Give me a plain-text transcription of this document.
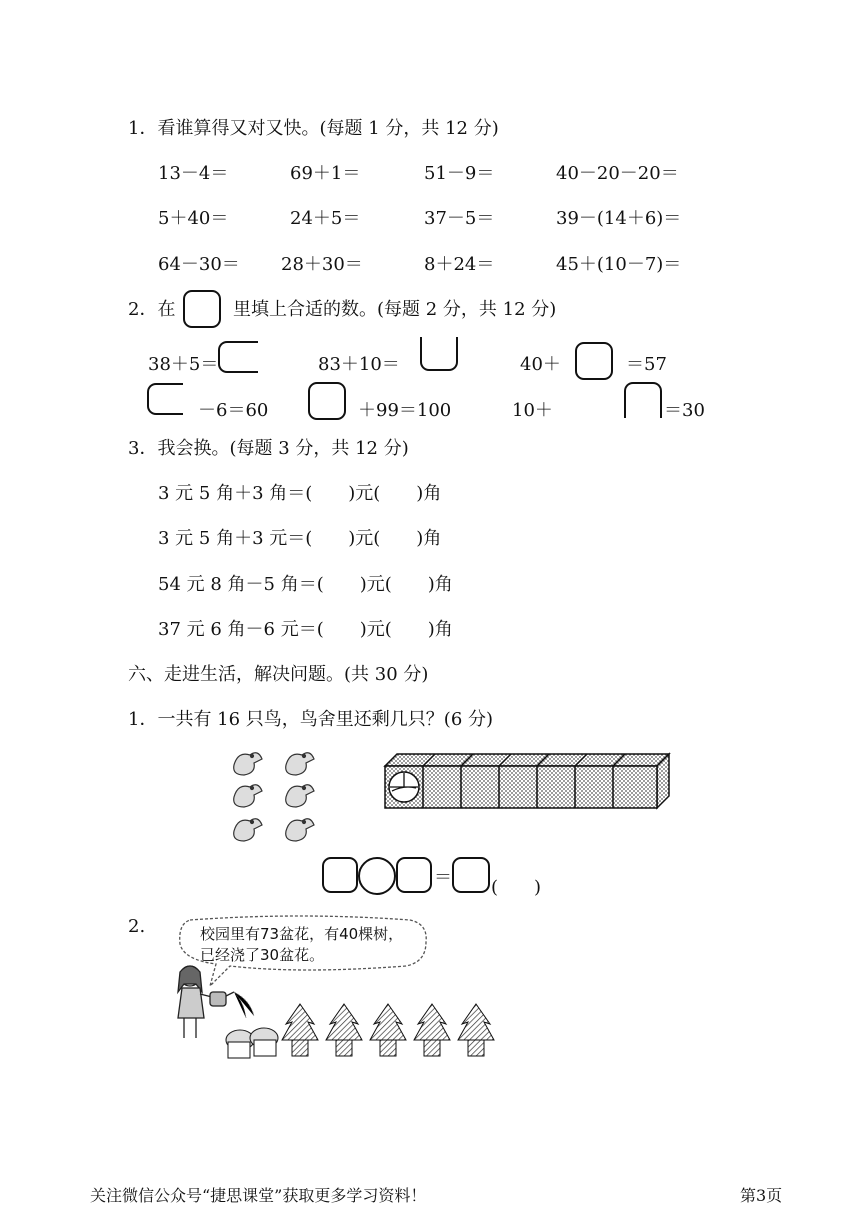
1．看谁算得又对又快。(每题 1 分，共 12 分)
13－4＝	69＋1＝	51－9＝	40－20－20＝
5＋40＝	24＋5＝	37－5＝	39－(14＋6)＝
64－30＝ 28＋30＝	8＋24＝	45＋(10－7)＝
2．在	里填上合适的数。(每题 2 分，共 12 分)
38＋5＝	83＋10＝	40＋	＝57
－6＝60	＋99＝100	10＋	＝30
3．我会换。(每题 3 分，共 12 分)
3 元 5 角＋3 角＝(　　)元(　　)角
3 元 5 角＋3 元＝(　　)元(　　)角
54 元 8 角－5 角＝(　　)元(　　)角
37 元 6 角－6 元＝(　　)元(　　)角
六、走进生活，解决问题。(共 30 分)
1．一共有 16 只鸟，鸟舍里还剩几只？(6 分)
＝ (　　)
2.	校园里有73盆花，有40棵树，
已经浇了30盆花。
关注微信公众号“捷思课堂”获取更多学习资料！	第3页
